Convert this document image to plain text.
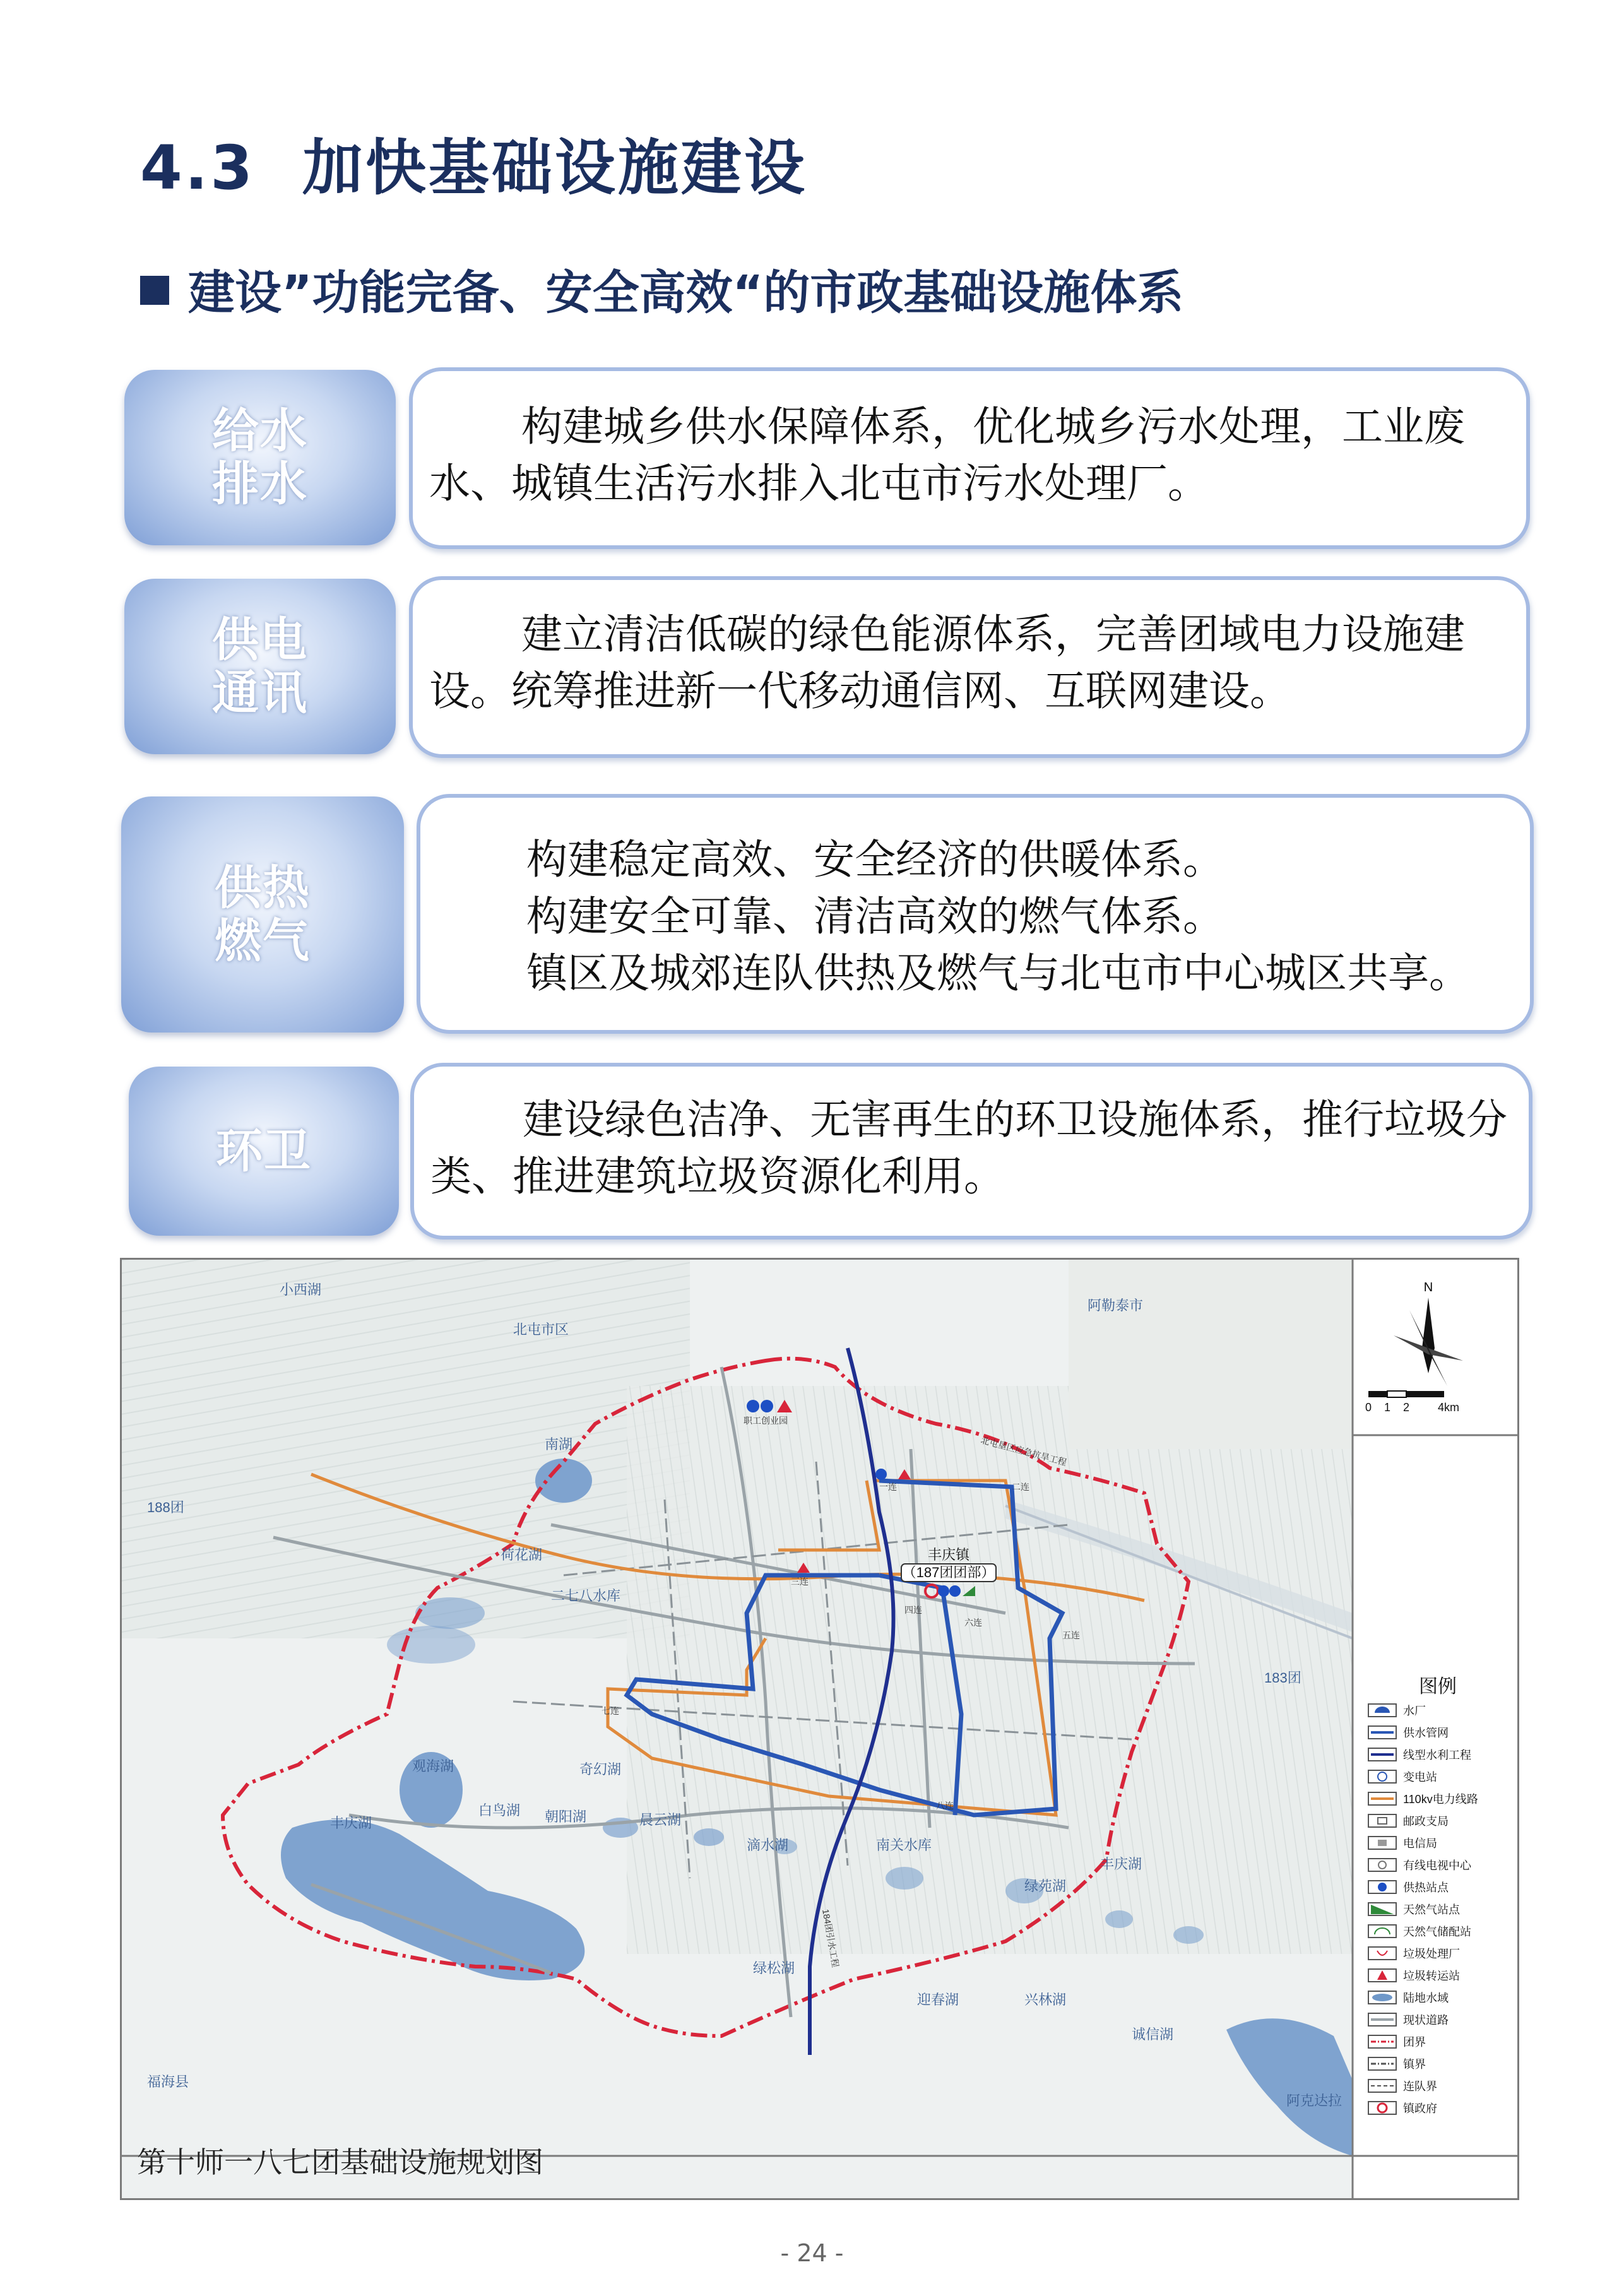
4.3 加快基础设施建设
建设”功能完备、安全高效“的市政基础设施体系
给水
排水

构建城乡供水保障体系，优化城乡污水处理，工业废水、城镇生活污水排入北屯市污水处理厂。

供电
通讯

建立清洁低碳的绿色能源体系，完善团域电力设施建设。统筹推进新一代移动通信网、互联网建设。

供热
燃气

构建稳定高效、安全经济的供暖体系。

构建安全可靠、清洁高效的燃气体系。

镇区及城郊连队供热及燃气与北屯市中心城区共享。

环卫

建设绿色洁净、无害再生的环卫设施体系，推行垃圾分类、推进建筑垃圾资源化利用。

小西湖
北屯市区
阿勒泰市
南湖
188团
荷花湖
二七八水库
183团
观海湖	奇幻湖
白鸟湖 朝阳湖	晨云湖
滴水湖	南关水库
丰庆湖
丰庆湖
绿苑湖
绿松湖
迎春湖	兴林湖
诚信湖
福海县
阿克达拉
职工创业园
一连	二连
三连
四连
五连
六连
七连
八连
北屯垦区应急抗旱工程
184团引水工程
丰庆镇
（187团团部）
N
0 1 2 4km
图例
水厂
供水管网
线型水利工程
变电站
110kv电力线路
邮政支局
电信局
有线电视中心
供热站点
天然气站点
天然气储配站
垃圾处理厂
垃圾转运站
陆地水域
现状道路
团界
镇界
连队界
镇政府
第十师一八七团基础设施规划图
- 24 -
